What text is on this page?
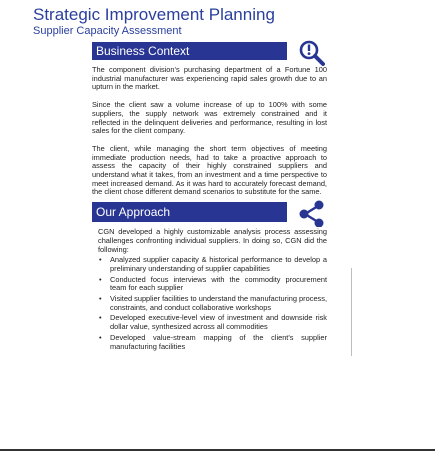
Strategic Improvement Planning
Supplier Capacity Assessment
Business Context

The component division's purchasing department of a Fortune 100 industrial manufacturer was experiencing rapid sales growth due to an upturn in the market.

Since the client saw a volume increase of up to 100% with some suppliers, the supply network was extremely constrained and it reflected in the delinquent deliveries and performance, resulting in lost sales for the client company.

The client, while managing the short term objectives of meeting immediate production needs, had to take a proactive approach to assess the capacity of their highly constrained suppliers and understand what it takes, from an investment and a time perspective to meet increased demand. As it was hard to accurately forecast demand, the client chose different demand scenarios to substitute for the same.

Our Approach

CGN developed a highly customizable analysis process assessing challenges confronting individual suppliers. In doing so, CGN did the following:

• Analyzed supplier capacity & historical performance to develop a preliminary understanding of supplier capabilities
• Conducted focus interviews with the commodity procurement team for each supplier
• Visited supplier facilities to understand the manufacturing process, constraints, and conduct collaborative workshops
• Developed executive-level view of investment and downside risk dollar value, synthesized across all commodities
• Developed value-stream mapping of the client's supplier manufacturing facilities
